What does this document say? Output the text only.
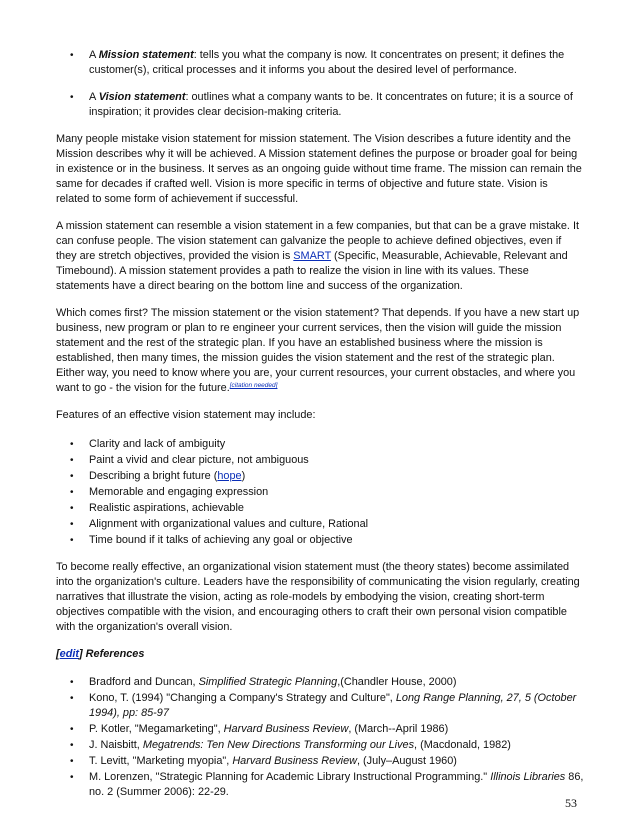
• A Mission statement: tells you what the company is now. It concentrates on present; it defines the customer(s), critical processes and it informs you about the desired level of performance.
• A Vision statement: outlines what a company wants to be. It concentrates on future; it is a source of inspiration; it provides clear decision-making criteria.

Many people mistake vision statement for mission statement. The Vision describes a future identity and the Mission describes why it will be achieved. A Mission statement defines the purpose or broader goal for being in existence or in the business. It serves as an ongoing guide without time frame. The mission can remain the same for decades if crafted well. Vision is more specific in terms of objective and future state. Vision is related to some form of achievement if successful.

A mission statement can resemble a vision statement in a few companies, but that can be a grave mistake. It can confuse people. The vision statement can galvanize the people to achieve defined objectives, even if they are stretch objectives, provided the vision is SMART (Specific, Measurable, Achievable, Relevant and Timebound). A mission statement provides a path to realize the vision in line with its values. These statements have a direct bearing on the bottom line and success of the organization.

Which comes first? The mission statement or the vision statement? That depends. If you have a new start up business, new program or plan to re engineer your current services, then the vision will guide the mission statement and the rest of the strategic plan. If you have an established business where the mission is established, then many times, the mission guides the vision statement and the rest of the strategic plan. Either way, you need to know where you are, your current resources, your current obstacles, and where you want to go - the vision for the future.[citation needed]

Features of an effective vision statement may include:

• Clarity and lack of ambiguity
• Paint a vivid and clear picture, not ambiguous
• Describing a bright future (hope)
• Memorable and engaging expression
• Realistic aspirations, achievable
• Alignment with organizational values and culture, Rational
• Time bound if it talks of achieving any goal or objective

To become really effective, an organizational vision statement must (the theory states) become assimilated into the organization's culture. Leaders have the responsibility of communicating the vision regularly, creating narratives that illustrate the vision, acting as role-models by embodying the vision, creating short-term objectives compatible with the vision, and encouraging others to craft their own personal vision compatible with the organization's overall vision.

[edit] References
• Bradford and Duncan, Simplified Strategic Planning,(Chandler House, 2000)
• Kono, T. (1994) "Changing a Company's Strategy and Culture", Long Range Planning, 27, 5 (October 1994), pp: 85-97
• P. Kotler, "Megamarketing", Harvard Business Review, (March--April 1986)
• J. Naisbitt, Megatrends: Ten New Directions Transforming our Lives, (Macdonald, 1982)
• T. Levitt, "Marketing myopia", Harvard Business Review, (July–August 1960)
• M. Lorenzen, "Strategic Planning for Academic Library Instructional Programming." Illinois Libraries 86, no. 2 (Summer 2006): 22-29.
53
